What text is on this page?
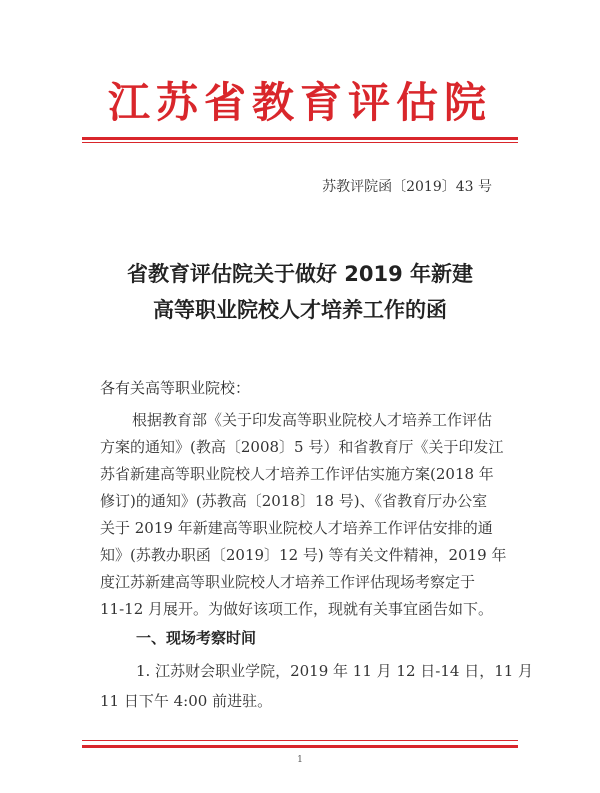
江苏省教育评估院
苏教评院函〔2019〕43 号
省教育评估院关于做好 2019 年新建
高等职业院校人才培养工作的函
各有关高等职业院校：
根据教育部《关于印发高等职业院校人才培养工作评估
方案的通知》(教高〔2008〕5 号）和省教育厅《关于印发江
苏省新建高等职业院校人才培养工作评估实施方案(2018 年
修订)的通知》(苏教高〔2018〕18 号)、《省教育厅办公室
关于 2019 年新建高等职业院校人才培养工作评估安排的通
知》(苏教办职函〔2019〕12 号) 等有关文件精神，2019 年
度江苏新建高等职业院校人才培养工作评估现场考察定于
11-12 月展开。为做好该项工作，现就有关事宜函告如下。
一、现场考察时间
1. 江苏财会职业学院，2019 年 11 月 12 日-14 日，11 月
11 日下午 4:00 前进驻。
1
